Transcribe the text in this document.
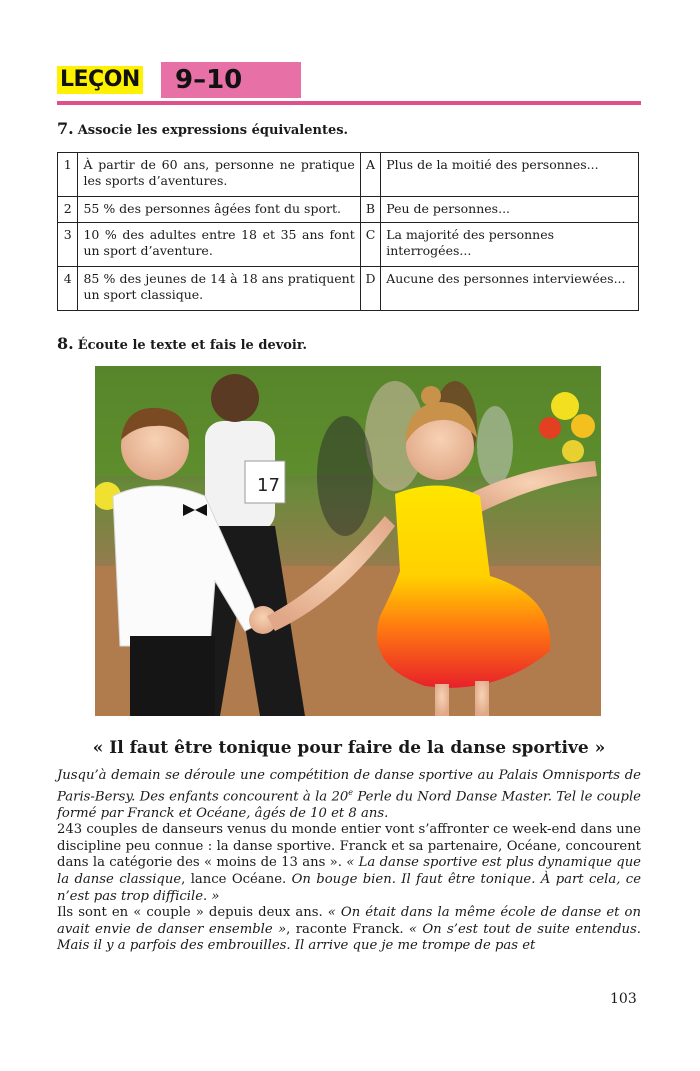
LEÇON	9–10
7. Associe les expressions équivalentes.
1	À partir de 60 ans, personne ne pratique les sports d’aventures.	A	Plus de la moitié des personnes...
2	55 % des personnes âgées font du sport.	B	Peu de personnes...
3	10 % des adultes entre 18 et 35 ans font un sport d’aventure.	C	La majorité des personnes interrogées...
4	85 % des jeunes de 14 à 18 ans pratiquent un sport classique.	D	Aucune des personnes interviewées...
8. Écoute le texte et fais le devoir.
17
« Il faut être tonique pour faire de la danse sportive »

Jusqu’à demain se déroule une compétition de danse sportive au Palais Omnisports de Paris-Bersy. Des enfants concourent à la 20e Perle du Nord Danse Master. Tel le couple formé par Franck et Océane, âgés de 10 et 8 ans.

243 couples de danseurs venus du monde entier vont s’affronter ce week-end dans une discipline peu connue : la danse sportive. Franck et sa partenaire, Océane, concourent dans la catégorie des « moins de 13 ans ». « La danse sportive est plus dynamique que la danse classique, lance Océane. On bouge bien. Il faut être tonique. À part cela, ce n’est pas trop difficile. »

Ils sont en « couple » depuis deux ans. « On était dans la même école de danse et on avait envie de danser ensemble », raconte Franck. « On s’est tout de suite entendus. Mais il y a parfois des embrouilles. Il arrive que je me trompe de pas et

103
